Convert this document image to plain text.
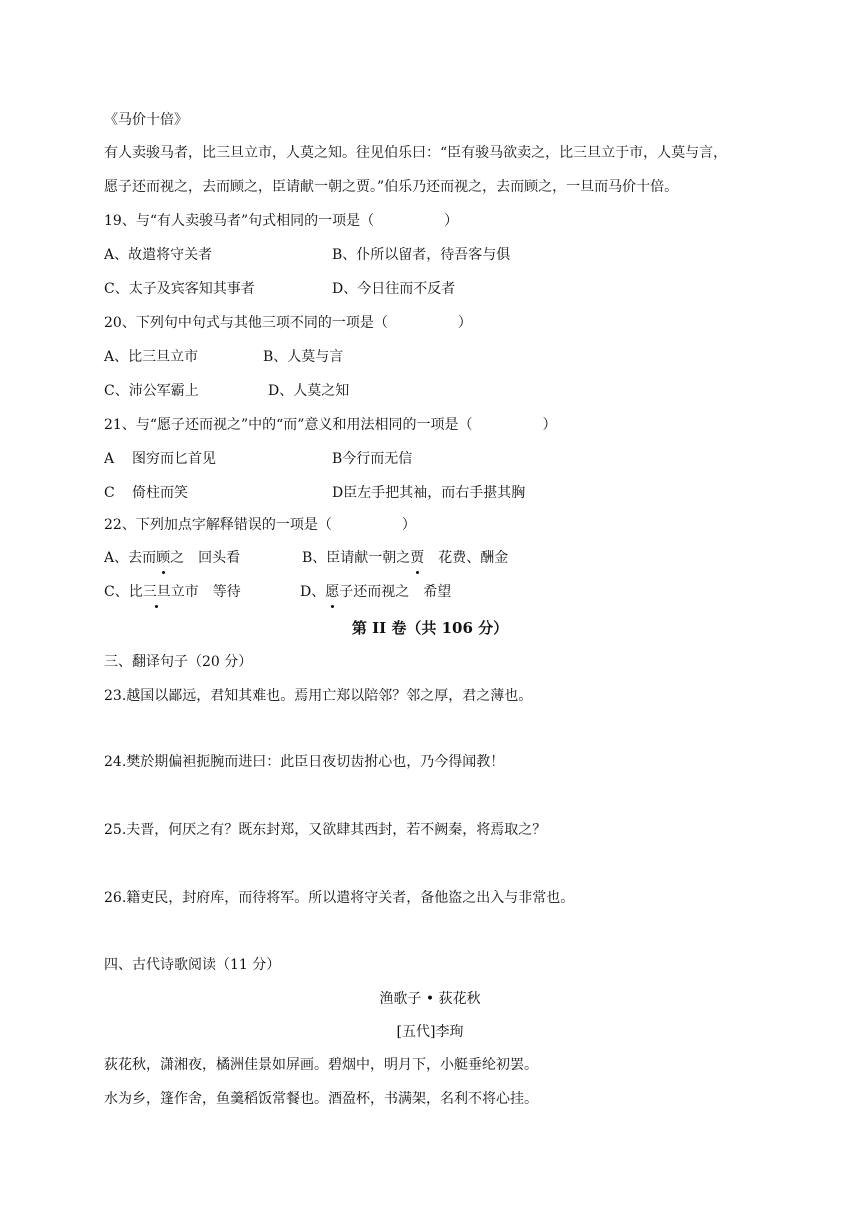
《马价十倍》
有人卖骏马者，比三旦立市，人莫之知。往见伯乐曰：“臣有骏马欲卖之，比三旦立于市，人莫与言，
愿子还而视之，去而顾之，臣请献一朝之贾。”伯乐乃还而视之，去而顾之，一旦而马价十倍。
19、与“有人卖骏马者”句式相同的一项是（　　　　　）
A、故遣将守关者	B、仆所以留者，待吾客与俱
C、太子及宾客知其事者	D、今日往而不反者
20、下列句中句式与其他三项不同的一项是（　　　　　）
A、比三旦立市	B、人莫与言
C、沛公军霸上	D、人莫之知
21、与“愿子还而视之”中的“而”意义和用法相同的一项是（　　　　　）
A 图穷而匕首见	B今行而无信
C 倚柱而笑	D臣左手把其袖，而右手揕其胸
22、下列加点字解释错误的一项是（　　　　　）
A、去而顾之　回头看	B、臣请献一朝之贾　花费、酬金
C、比三旦立市　等待	D、愿子还而视之　希望
第 II 卷（共 106 分）
三、翻译句子（20 分）
23.越国以鄙远，君知其难也。焉用亡郑以陪邻？邻之厚，君之薄也。
24.樊於期偏袒扼腕而进曰：此臣日夜切齿拊心也，乃今得闻教！
25.夫晋，何厌之有？既东封郑，又欲肆其西封，若不阙秦，将焉取之？
26.籍吏民，封府库，而待将军。所以遣将守关者，备他盗之出入与非常也。
四、古代诗歌阅读（11 分）
渔歌子 • 荻花秋
[五代]李珣
荻花秋，潇湘夜，橘洲佳景如屏画。碧烟中，明月下，小艇垂纶初罢。
水为乡，篷作舍，鱼羹稻饭常餐也。酒盈杯，书满架，名利不将心挂。
